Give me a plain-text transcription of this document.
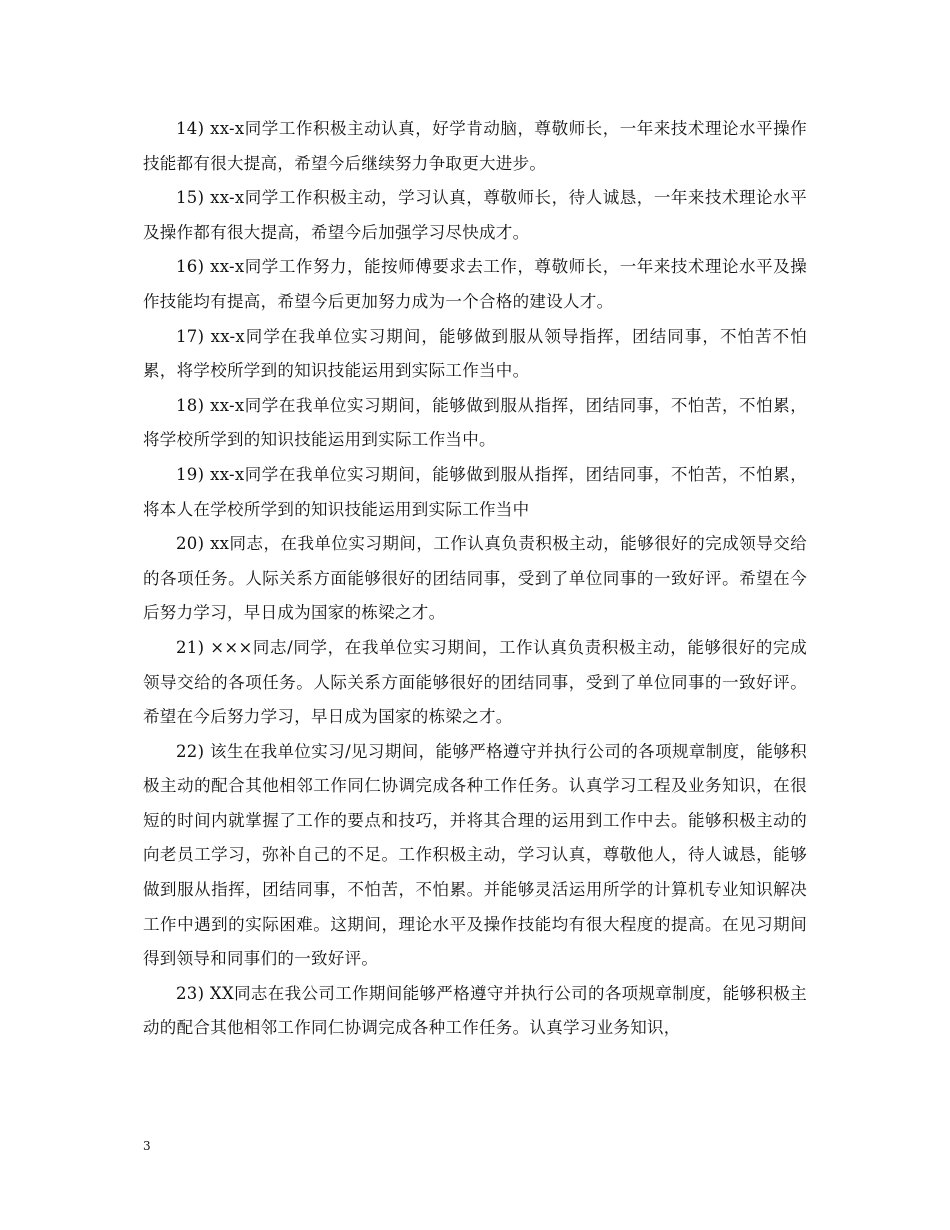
14) xx-x同学工作积极主动认真，好学肯动脑，尊敬师长，一年来技术理论水平操作技能都有很大提高，希望今后继续努力争取更大进步。

15) xx-x同学工作积极主动，学习认真，尊敬师长，待人诚恳，一年来技术理论水平及操作都有很大提高，希望今后加强学习尽快成才。

16) xx-x同学工作努力，能按师傅要求去工作，尊敬师长，一年来技术理论水平及操作技能均有提高，希望今后更加努力成为一个合格的建设人才。

17) xx-x同学在我单位实习期间，能够做到服从领导指挥，团结同事，不怕苦不怕累，将学校所学到的知识技能运用到实际工作当中。

18) xx-x同学在我单位实习期间，能够做到服从指挥，团结同事，不怕苦，不怕累，将学校所学到的知识技能运用到实际工作当中。

19) xx-x同学在我单位实习期间，能够做到服从指挥，团结同事，不怕苦，不怕累，将本人在学校所学到的知识技能运用到实际工作当中

20) xx同志，在我单位实习期间，工作认真负责积极主动，能够很好的完成领导交给的各项任务。人际关系方面能够很好的团结同事，受到了单位同事的一致好评。希望在今后努力学习，早日成为国家的栋梁之才。

21) ×××同志/同学，在我单位实习期间，工作认真负责积极主动，能够很好的完成领导交给的各项任务。人际关系方面能够很好的团结同事，受到了单位同事的一致好评。希望在今后努力学习，早日成为国家的栋梁之才。

22) 该生在我单位实习/见习期间，能够严格遵守并执行公司的各项规章制度，能够积极主动的配合其他相邻工作同仁协调完成各种工作任务。认真学习工程及业务知识，在很短的时间内就掌握了工作的要点和技巧，并将其合理的运用到工作中去。能够积极主动的向老员工学习，弥补自己的不足。工作积极主动，学习认真，尊敬他人，待人诚恳，能够做到服从指挥，团结同事，不怕苦，不怕累。并能够灵活运用所学的计算机专业知识解决工作中遇到的实际困难。这期间，理论水平及操作技能均有很大程度的提高。在见习期间得到领导和同事们的一致好评。

23) XX同志在我公司工作期间能够严格遵守并执行公司的各项规章制度，能够积极主动的配合其他相邻工作同仁协调完成各种工作任务。认真学习业务知识，

3
